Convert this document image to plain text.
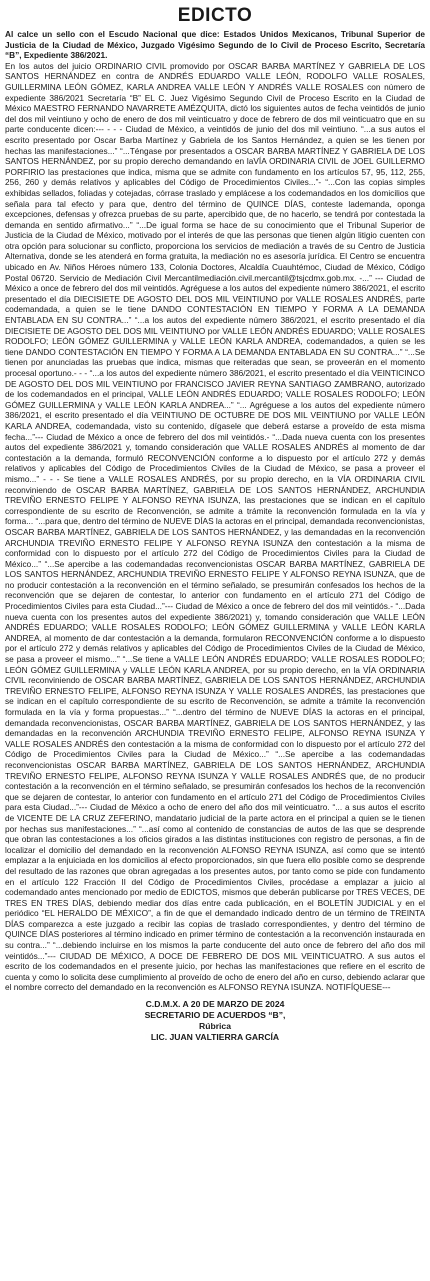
EDICTO

Al calce un sello con el Escudo Nacional que dice: Estados Unidos Mexicanos, Tribunal Superior de Justicia de la Ciudad de México, Juzgado Vigésimo Segundo de lo Civil de Proceso Escrito, Secretaría “B”, Expediente 386/2021.

En los autos del juicio ORDINARIO CIVIL promovido por OSCAR BARBA MARTÍNEZ Y GABRIELA DE LOS SANTOS HERNÁNDEZ en contra de ANDRÉS EDUARDO VALLE LEÓN, RODOLFO VALLE ROSALES, GUILLERMINA LEÓN GÓMEZ, KARLA ANDREA VALLE LEÓN Y ANDRÉS VALLE ROSALES con número de expediente 386/2021 Secretaría “B” EL C. Juez Vigésimo Segundo Civil de Proceso Escrito en la Ciudad de México MAESTRO FERNANDO NAVARRETE AMÉZQUITA, dictó los siguientes autos de fecha veintidós de junio del dos mil veintiuno y ocho de enero de dos mil veinticuatro y doce de febrero de dos mil veinticuatro que en su parte conducente dicen:--- - - - Ciudad de México, a veintidós de junio del dos mil veintiuno. “...a sus autos el escrito presentado por Oscar Barba Martínez y Gabriela de los Santos Hernández, a quien se les tienen por hechas las manifestaciones...” “...Téngase por presentados a OSCAR BARBA MARTÍNEZ Y GABRIELA DE LOS SANTOS HERNÁNDEZ, por su propio derecho demandando en laVÍA ORDINARIA CIVIL de JOEL GUILLERMO PORFIRIO las prestaciones que indica, misma que se admite con fundamento en los artículos 57, 95, 112, 255, 256, 260 y demás relativos y aplicables del Código de Procedimientos Civiles...”- “...Con las copias simples exhibidas sellados, foliadas y cotejadas, córrase traslado y emplácese a los codemandados en los domicilios que señala para tal efecto y para que, dentro del término de QUINCE DÍAS, conteste lademanda, oponga excepciones, defensas y ofrezca pruebas de su parte, apercibido que, de no hacerlo, se tendrá por contestada la demanda en sentido afirmativo...” “...De igual forma se hace de su conocimiento que el Tribunal Superior de Justicia de la Ciudad de México, motivado por el interés de que las personas que tienen algún litigio cuenten con otra opción para solucionar su conflicto, proporciona los servicios de mediación a través de su Centro de Justicia Alternativa, donde se les atenderá en forma gratuita, la mediación no es asesoría jurídica. El Centro se encuentra ubicado en Av. Niños Héroes número 133, Colonia Doctores, Alcaldía Cuauhtémoc, Ciudad de México, Código Postal 06720. Servicio de Mediación Civil Mercantilmediación.civil.mercantil@tsjcdmx.gob.mx. -...” --- Ciudad de México a once de febrero del dos mil veintidós. Agréguese a los autos del expediente número 386/2021, el escrito presentado el día DIECISIETE DE AGOSTO DEL DOS MIL VEINTIUNO por VALLE ROSALES ANDRÉS, parte codemandada, a quien se le tiene DANDO CONTESTACIÓN EN TIEMPO Y FORMA A LA DEMANDA ENTABLADA EN SU CONTRA...” “...a los autos del expediente número 386/2021, el escrito presentado el día DIECISIETE DE AGOSTO DEL DOS MIL VEINTIUNO por VALLE LEÓN ANDRÉS EDUARDO; VALLE ROSALES RODOLFO; LEÓN GÓMEZ GUILLERMINA y VALLE LEÓN KARLA ANDREA, codemandados, a quien se les tiene DANDO CONTESTACIÓN EN TIEMPO Y FORMA A LA DEMANDA ENTABLADA EN SU CONTRA...” “...Se tienen por anunciadas las pruebas que indica, mismas que reiteradas que sean, se proveerán en el momento procesal oportuno.- - - “...a los autos del expediente número 386/2021, el escrito presentado el día VEINTICINCO DE AGOSTO DEL DOS MIL VEINTIUNO por FRANCISCO JAVIER REYNA SANTIAGO ZAMBRANO, autorizado de los codemandados en el principal, VALLE LEÓN ANDRÉS EDUARDO; VALLE ROSALES RODOLFO; LEÓN GÓMEZ GUILLERMINA y VALLE LEÓN KARLA ANDREA...” “... Agréguese a los autos del expediente número 386/2021, el escrito presentado el día VEINTIUNO DE OCTUBRE DE DOS MIL VEINTIUNO por VALLE LEÓN KARLA ANDREA, codemandada, visto su contenido, dígasele que deberá estarse a proveído de esta misma fecha...”--- Ciudad de México a once de febrero del dos mil veintidós.- “...Dada nueva cuenta con los presentes autos del expediente 386/2021 y, tomando consideración que VALLE ROSALES ANDRÉS al momento de dar contestación a la demanda, formuló RECONVENCIÓN conforme a lo dispuesto por el artículo 272 y demás relativos y aplicables del Código de Procedimientos Civiles de la Ciudad de México, se pasa a proveer el mismo...” - - - Se tiene a VALLE ROSALES ANDRÉS, por su propio derecho, en la VÍA ORDINARIA CIVIL reconviniendo de OSCAR BARBA MARTÍNEZ, GABRIELA DE LOS SANTOS HERNÁNDEZ, ARCHUNDIA TREVIÑO ERNESTO FELIPE Y ALFONSO REYNA ISUNZA, las prestaciones que se indican en el capítulo correspondiente de su escrito de Reconvención, se admite a trámite la reconvención formulada en la vía y forma... “...para que, dentro del término de NUEVE DÍAS la actoras en el principal, demandada reconvencionistas, OSCAR BARBA MARTÍNEZ, GABRIELA DE LOS SANTOS HERNÁNDEZ, y las demandadas en la reconvención ARCHUNDIA TREVIÑO ERNESTO FELIPE Y ALFONSO REYNA ISUNZA den contestación a la misma de conformidad con lo dispuesto por el artículo 272 del Código de Procedimientos Civiles para la Ciudad de México...” “...Se apercibe a las codemandadas reconvencionistas OSCAR BARBA MARTÍNEZ, GABRIELA DE LOS SANTOS HERNÁNDEZ, ARCHUNDIA TREVIÑO ERNESTO FELIPE Y ALFONSO REYNA ISUNZA, que de no producir contestación a la reconvención en el término señalado, se presumirán confesados los hechos de la reconvención que se dejaren de contestar, lo anterior con fundamento en el artículo 271 del Código de Procedimientos Civiles para esta Ciudad...”--- Ciudad de México a once de febrero del dos mil veintidós.- “...Dada nueva cuenta con los presentes autos del expediente 386/2021) y, tomando consideración que VALLE LEÓN ANDRÉS EDUARDO; VALLE ROSALES RODOLFO; LEÓN GÓMEZ GUILLERMINA y VALLE LEÓN KARLA ANDREA, al momento de dar contestación a la demanda, formularon RECONVENCIÓN conforme a lo dispuesto por el artículo 272 y demás relativos y aplicables del Código de Procedimientos Civiles de la Ciudad de México, se pasa a proveer el mismo...” “...Se tiene a VALLE LEÓN ANDRÉS EDUARDO; VALLE ROSALES RODOLFO; LEÓN GÓMEZ GUILLERMINA y VALLE LEÓN KARLA ANDREA, por su propio derecho, en la VÍA ORDINARIA CIVIL reconviniendo de OSCAR BARBA MARTÍNEZ, GABRIELA DE LOS SANTOS HERNÁNDEZ, ARCHUNDIA TREVIÑO ERNESTO FELIPE, ALFONSO REYNA ISUNZA Y VALLE ROSALES ANDRÉS, las prestaciones que se indican en el capítulo correspondiente de su escrito de Reconvención, se admite a trámite la reconvención formulada en la vía y forma propuestas...” “...dentro del término de NUEVE DÍAS la actoras en el principal, demandada reconvencionistas, OSCAR BARBA MARTÍNEZ, GABRIELA DE LOS SANTOS HERNÁNDEZ, y las demandadas en la reconvención ARCHUNDIA TREVIÑO ERNESTO FELIPE, ALFONSO REYNA ISUNZA Y VALLE ROSALES ANDRÉS den contestación a la misma de conformidad con lo dispuesto por el artículo 272 del Código de Procedimientos Civiles para la Ciudad de México...” “...Se apercibe a las codemandadas reconvencionistas OSCAR BARBA MARTÍNEZ, GABRIELA DE LOS SANTOS HERNÁNDEZ, ARCHUNDIA TREVIÑO ERNESTO FELIPE, ALFONSO REYNA ISUNZA Y VALLE ROSALES ANDRÉS que, de no producir contestación a la reconvención en el término señalado, se presumirán confesados los hechos de la reconvención que se dejaren de contestar, lo anterior con fundamento en el artículo 271 del Código de Procedimientos Civiles para esta Ciudad...”--- Ciudad de México a ocho de enero del año dos mil veinticuatro. “... a sus autos el escrito de VICENTE DE LA CRUZ ZEFERINO, mandatario judicial de la parte actora en el principal a quien se le tienen por hechas sus manifestaciones...” “...así como al contenido de constancias de autos de las que se desprende que obran las contestaciones a los oficios girados a las distintas instituciones con registro de personas, a fin de localizar el domicilio del demandado en la reconvención ALFONSO REYNA ISUNZA, así como que se intentó emplazar a la enjuiciada en los domicilios al efecto proporcionados, sin que fuera ello posible como se desprende del resultado de las razones que obran agregadas a los presentes autos, por tanto como se pide con fundamento en el artículo 122 Fracción II del Código de Procedimientos Civiles, procédase a emplazar a juicio al codemandado antes mencionado por medio de EDICTOS, mismos que deberán publicarse por TRES VECES, DE TRES EN TRES DÍAS, debiendo mediar dos días entre cada publicación, en el BOLETÍN JUDICIAL y en el periódico “EL HERALDO DE MÉXICO”, a fin de que el demandado indicado dentro de un término de TREINTA DÍAS comparezca a este juzgado a recibir las copias de traslado correspondientes, y dentro del término de QUINCE DÍAS posteriores al término indicado en primer término de contestación a la reconvención instaurada en su contra...” “...debiendo incluirse en los mismos la parte conducente del auto once de febrero del año dos mil veintidós...”--- CIUDAD DE MÉXICO, A DOCE DE FEBRERO DE DOS MIL VEINTICUATRO. A sus autos el escrito de los codemandados en el presente juicio, por hechas las manifestaciones que refiere en el escrito de cuenta y como lo solicita dese cumplimiento al proveído de ocho de enero del año en curso, debiendo aclarar que el nombre correcto del demandado en la reconvención es ALFONSO REYNA ISUNZA. NOTIFÍQUESE---

C.D.M.X. A 20 DE MARZO DE 2024
SECRETARIO DE ACUERDOS “B”,
Rúbrica
LIC. JUAN VALTIERRA GARCÍA
